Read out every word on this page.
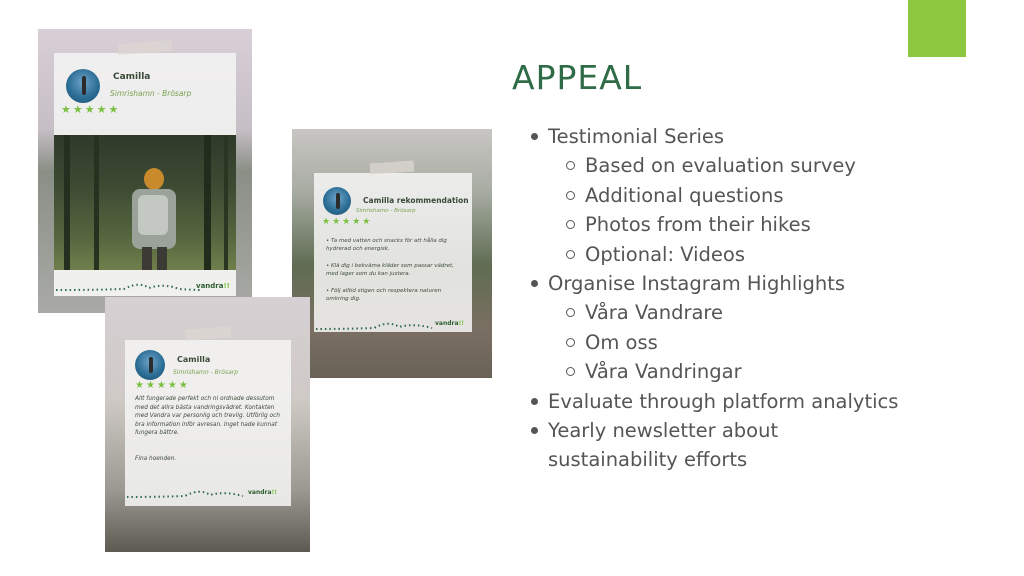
APPEAL
Testimonial Series
Based on evaluation survey
Additional questions
Photos from their hikes
Optional: Videos
Organise Instagram Highlights
Våra Vandrare
Om oss
Våra Vandringar
Evaluate through platform analytics
Yearly newsletter about sustainability efforts
Camilla
Simrishamn - Brösarp
★★★★★
vandra!!
Camilla rekommendation
Simrishamn - Brösarp
★★★★★
• Ta med vatten och snacks för att hålla dig hydrerad och energisk.
• Klä dig i bekväma kläder som passar vädret, med lager som du kan justera.
• Följ alltid stigen och respektera naturen omkring dig.
vandra!!
Camilla
Simrishamn - Brösarp
★★★★★
Allt fungerade perfekt och ni ordnade dessutom med det allra bästa vandringsvädret. Kontakten med Vandra var personlig och trevlig. Utförlig och bra information inför avresan. Inget hade kunnat fungera bättre.
Fina hoenden.
vandra!!
